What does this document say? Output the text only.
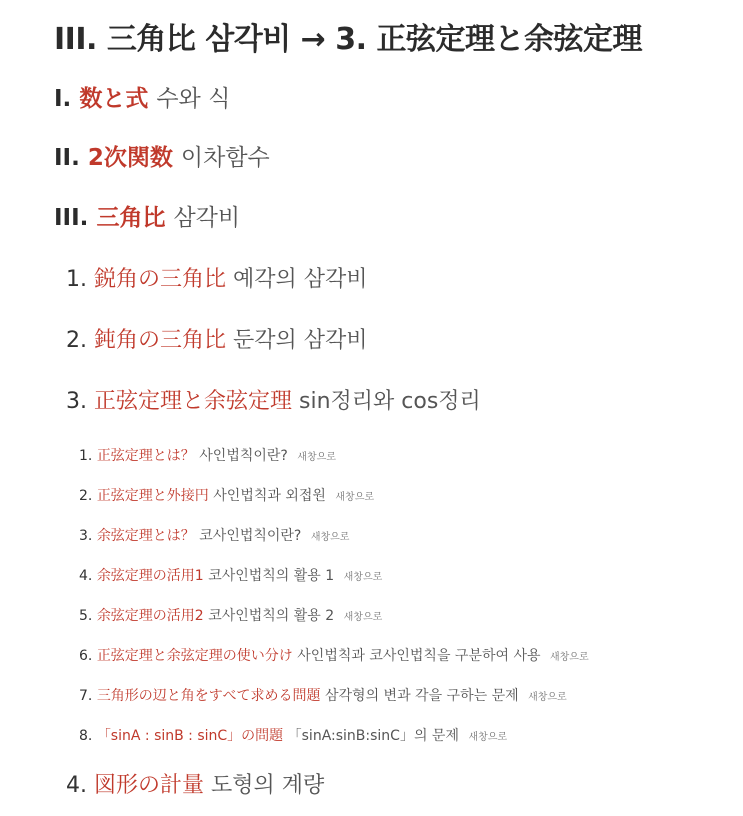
III. 三角比 삼각비 → 3. 正弦定理と余弦定理
I. 数と式 수와 식
II. 2次関数 이차함수
III. 三角比 삼각비
1. 鋭角の三角比 예각의 삼각비
2. 鈍角の三角比 둔각의 삼각비
3. 正弦定理と余弦定理 sin정리와 cos정리
1. 正弦定理とは？ 사인법칙이란? 새창으로
2. 正弦定理と外接円 사인법칙과 외접원 새창으로
3. 余弦定理とは？ 코사인법칙이란? 새창으로
4. 余弦定理の活用1 코사인법칙의 활용 1 새창으로
5. 余弦定理の活用2 코사인법칙의 활용 2 새창으로
6. 正弦定理と余弦定理の使い分け 사인법칙과 코사인법칙을 구분하여 사용 새창으로
7. 三角形の辺と角をすべて求める問題 삼각형의 변과 각을 구하는 문제 새창으로
8. 「sinA : sinB : sinC」の問題 「sinA:sinB:sinC」의 문제 새창으로
4. 図形の計量 도형의 계량
